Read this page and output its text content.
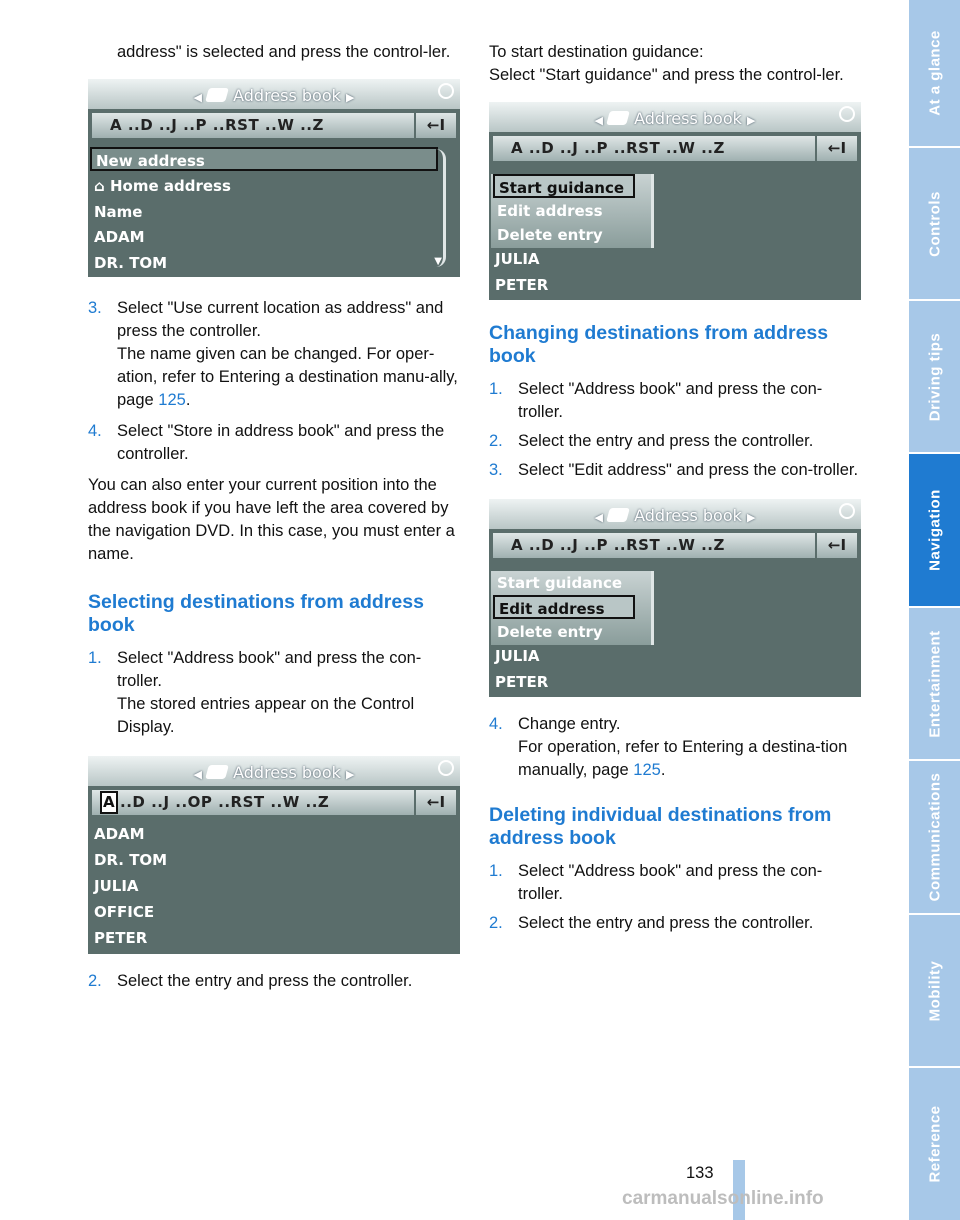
address" is selected and press the control-ler.

◀ Address book ▶
A ..D ..J ..P ..RST ..W ..Z	←I
New address
⌂ Home address
Name
ADAM
DR. TOM	▼
3. Select "Use current location as address" and press the controller.

The name given can be changed. For oper-ation, refer to Entering a destination manu-ally, page 125.

4. Select "Store in address book" and press the controller.

You can also enter your current position into the address book if you have left the area covered by the navigation DVD. In this case, you must enter a name.

Selecting destinations from address book
1. Select "Address book" and press the con-troller.

The stored entries appear on the Control Display.

◀ Address book ▶
A ..D ..J ..OP ..RST ..W ..Z	←I
ADAM
DR. TOM
JULIA
OFFICE
PETER
2. Select the entry and press the controller.

To start destination guidance:

Select "Start guidance" and press the control-ler.

◀ Address book ▶
A ..D ..J ..P ..RST ..W ..Z	←I
Start guidance
Edit address
Delete entry
JULIA
PETER
Changing destinations from address book
1. Select "Address book" and press the con-troller.

2. Select the entry and press the controller.

3. Select "Edit address" and press the con-troller.

◀ Address book ▶
A ..D ..J ..P ..RST ..W ..Z	←I
Start guidance
Edit address
Delete entry
JULIA
PETER
4. Change entry.

For operation, refer to Entering a destina-tion manually, page 125.

Deleting individual destinations from address book
1. Select "Address book" and press the con-troller.

2. Select the entry and press the controller.

At a glance
Controls
Driving tips
Navigation
Entertainment
Communications
Mobility
Reference
133
carmanualsonline.info
